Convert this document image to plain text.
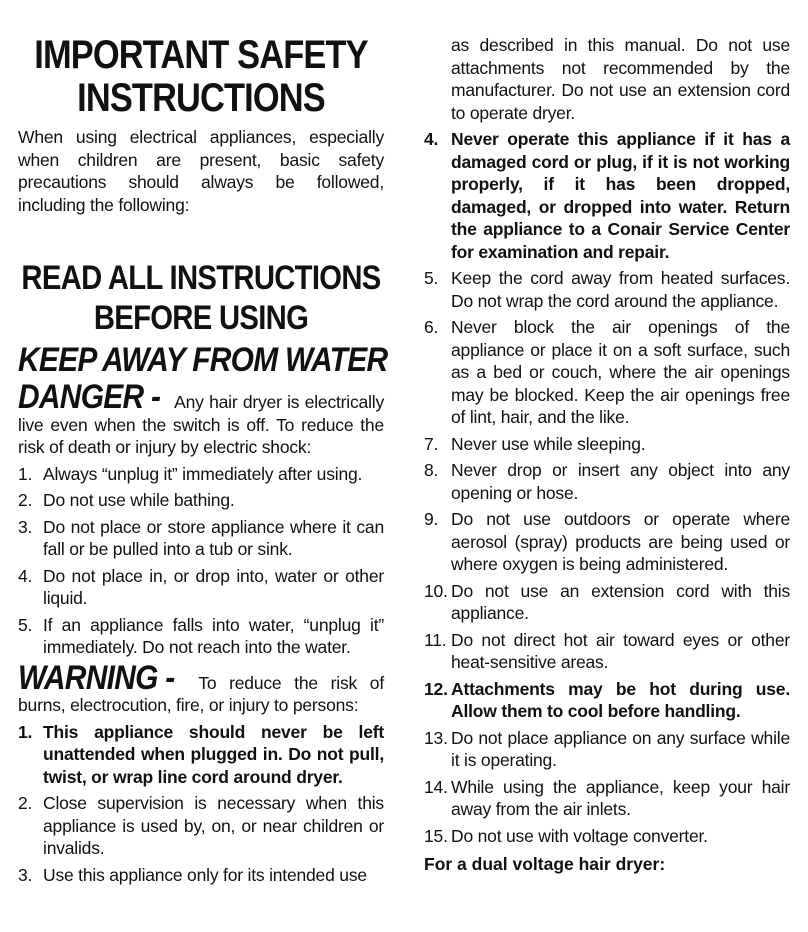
IMPORTANT SAFETY
INSTRUCTIONS

When using electrical appliances, especially when children are present, basic safety precautions should always be followed, including the following:

READ ALL INSTRUCTIONS
BEFORE USING
KEEP AWAY FROM WATER
DANGER - Any hair dryer is electrically live even when the switch is off. To reduce the risk of death or injury by electric shock:
1. Always “unplug it” immediately after using.
2. Do not use while bathing.
3. Do not place or store appliance where it can fall or be pulled into a tub or sink.
4. Do not place in, or drop into, water or other liquid.
5. If an appliance falls into water, “unplug it” immediately. Do not reach into the water.
WARNING - To reduce the risk of burns, electrocution, fire, or injury to persons:
1. This appliance should never be left unattended when plugged in. Do not pull, twist, or wrap line cord around dryer.
2. Close supervision is necessary when this appliance is used by, on, or near children or invalids.
3. Use this appliance only for its intended use

as described in this manual. Do not use attachments not recommended by the manufacturer. Do not use an extension cord to operate dryer.

4. Never operate this appliance if it has a damaged cord or plug, if it is not working properly, if it has been dropped, damaged, or dropped into water. Return the appliance to a Conair Service Center for examination and repair.
5. Keep the cord away from heated surfaces. Do not wrap the cord around the appliance.
6. Never block the air openings of the appliance or place it on a soft surface, such as a bed or couch, where the air openings may be blocked. Keep the air openings free of lint, hair, and the like.
7. Never use while sleeping.
8. Never drop or insert any object into any opening or hose.
9. Do not use outdoors or operate where aerosol (spray) products are being used or where oxygen is being administered.
10. Do not use an extension cord with this appliance.
11. Do not direct hot air toward eyes or other heat-sensitive areas.
12. Attachments may be hot during use. Allow them to cool before handling.
13. Do not place appliance on any surface while it is operating.
14. While using the appliance, keep your hair away from the air inlets.
15. Do not use with voltage converter.
For a dual voltage hair dryer:
